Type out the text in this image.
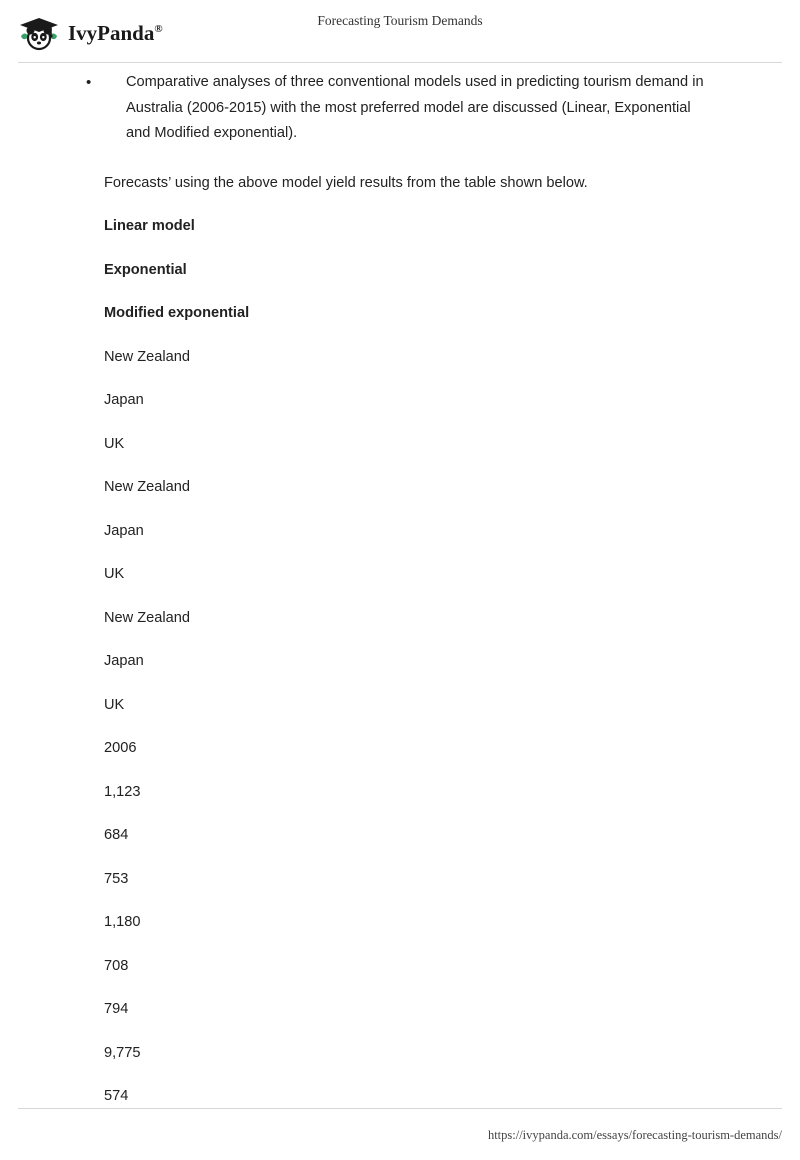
IvyPanda®
Forecasting Tourism Demands
• Comparative analyses of three conventional models used in predicting tourism demand in Australia (2006-2015) with the most preferred model are discussed (Linear, Exponential and Modified exponential).

Forecasts’ using the above model yield results from the table shown below.

Linear model

Exponential

Modified exponential

New Zealand

Japan

UK

New Zealand

Japan

UK

New Zealand

Japan

UK

2006

1,123

684

753

1,180

708

794

9,775

574

https://ivypanda.com/essays/forecasting-tourism-demands/
